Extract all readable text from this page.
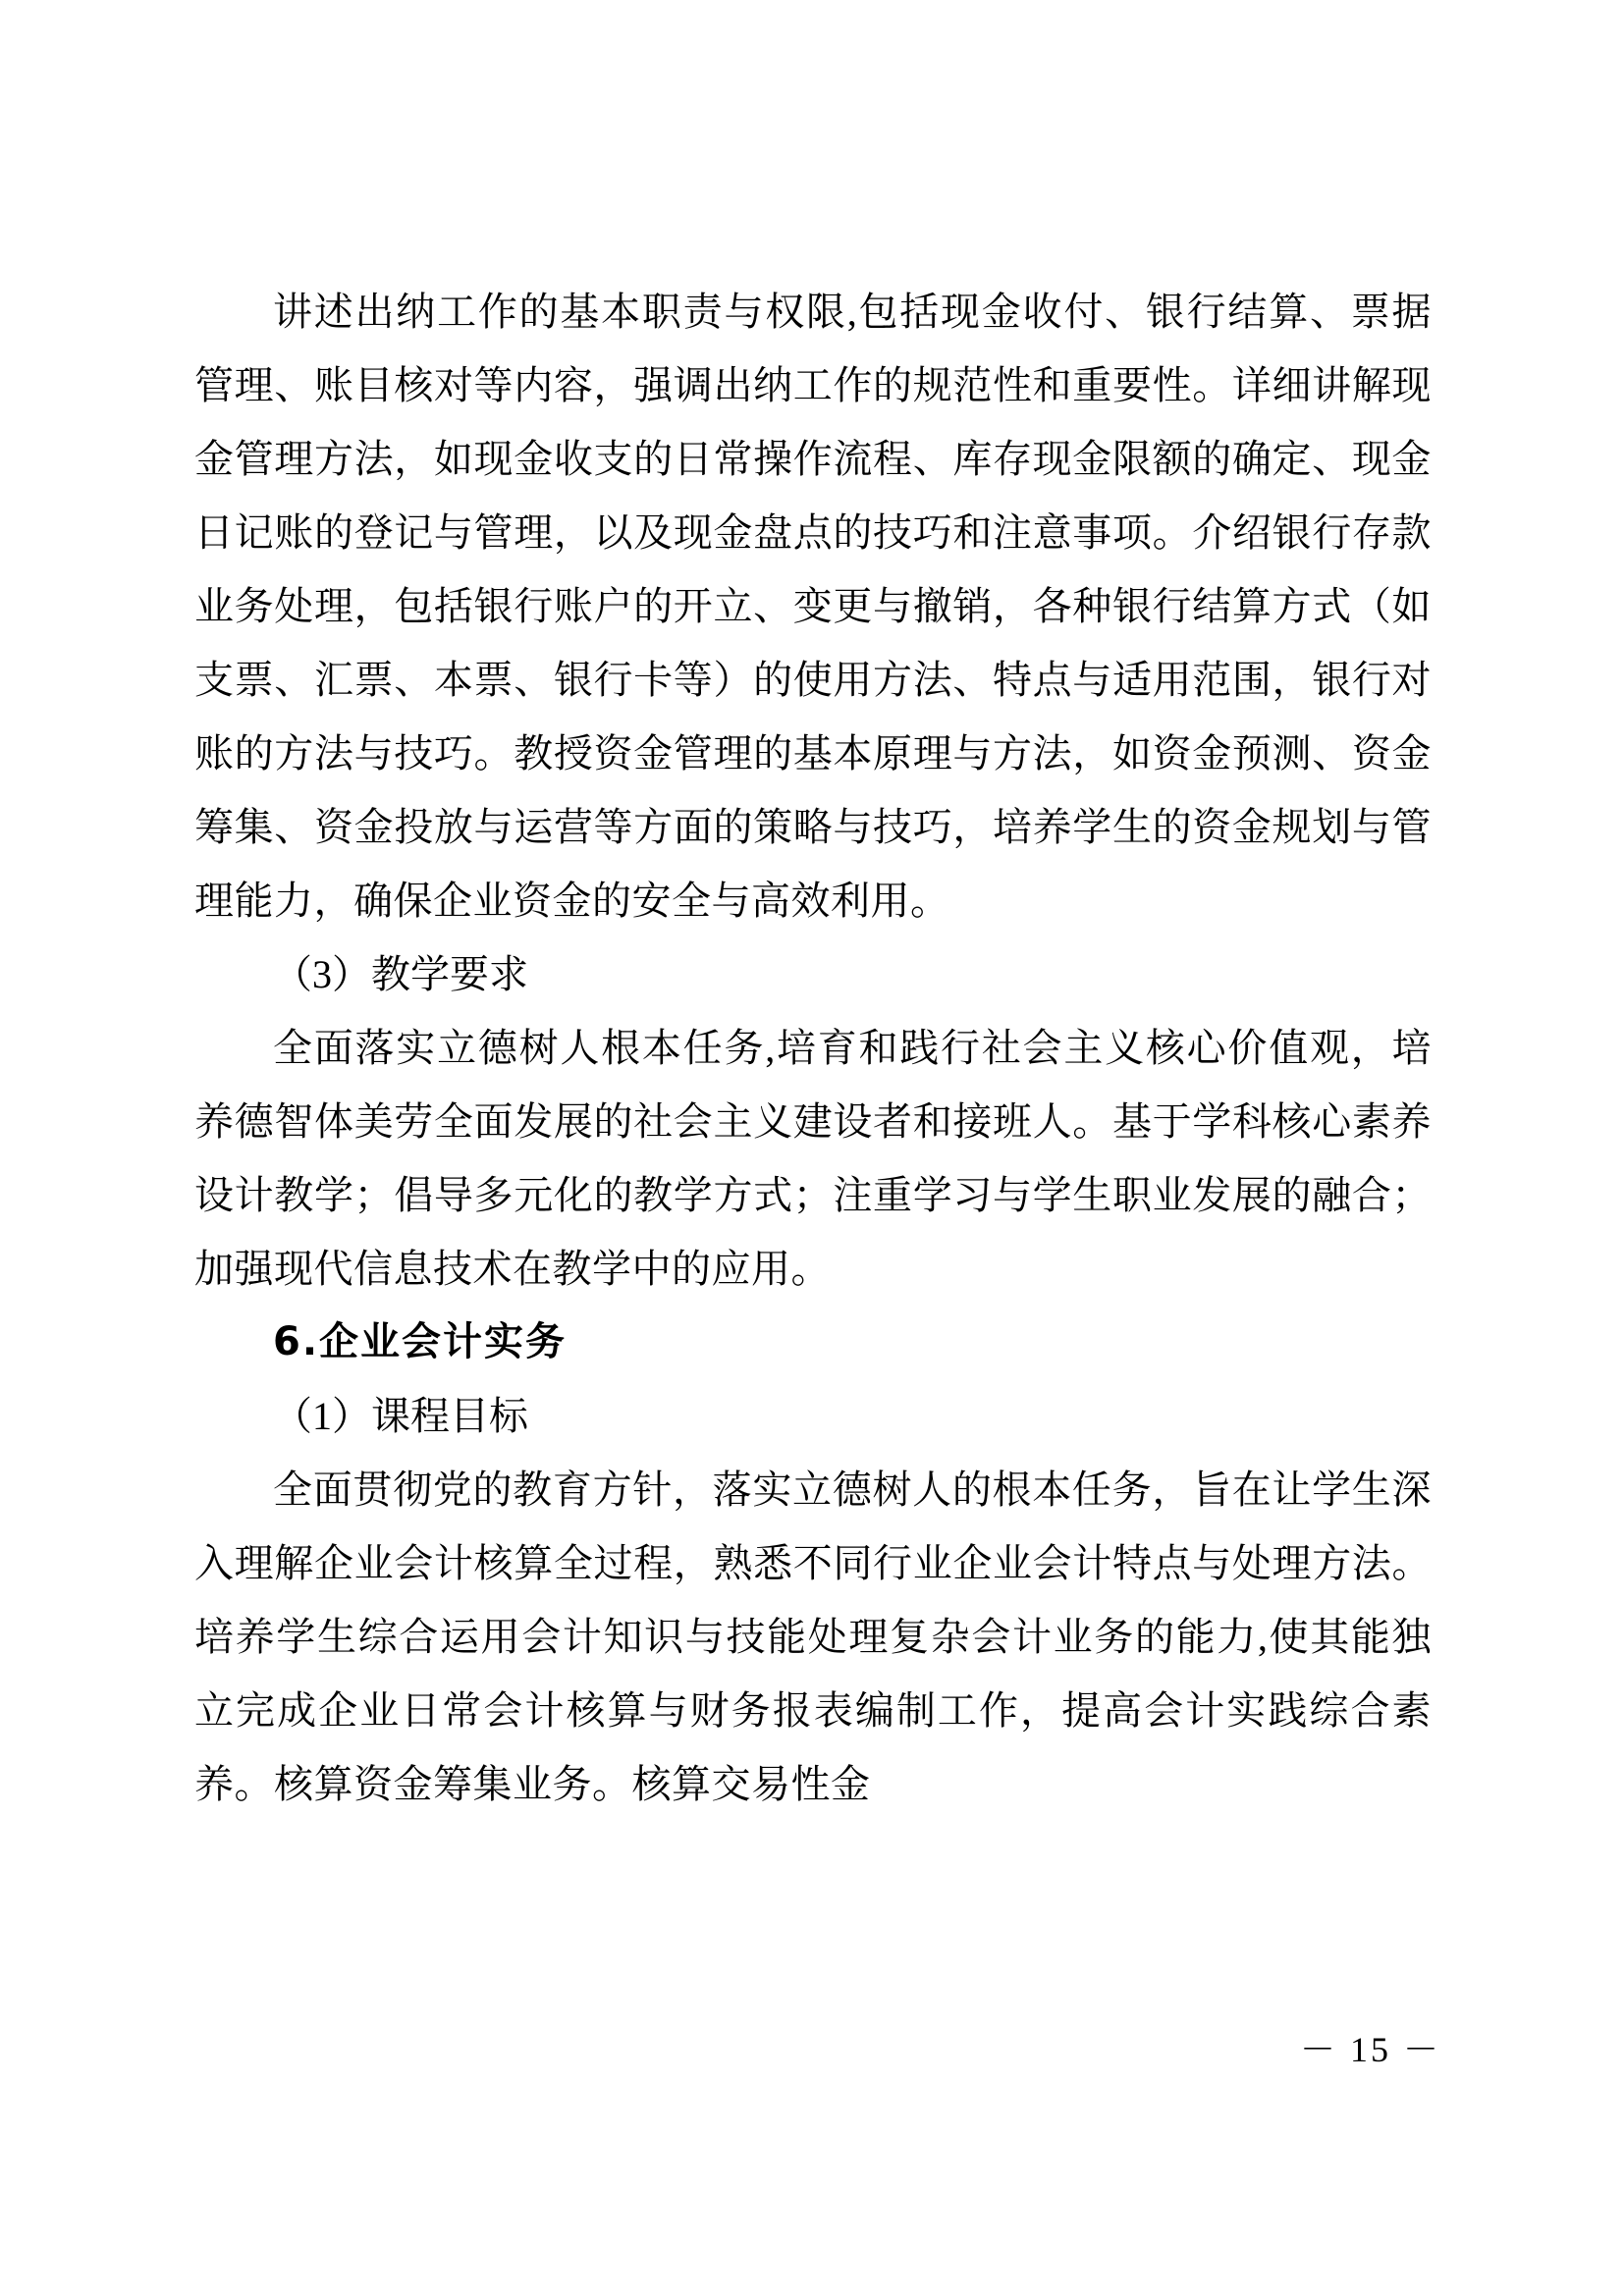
讲述出纳工作的基本职责与权限,包括现金收付、银行结算、票据管理、账目核对等内容，强调出纳工作的规范性和重要性。详细讲解现金管理方法，如现金收支的日常操作流程、库存现金限额的确定、现金日记账的登记与管理，以及现金盘点的技巧和注意事项。介绍银行存款业务处理，包括银行账户的开立、变更与撤销，各种银行结算方式（如支票、汇票、本票、银行卡等）的使用方法、特点与适用范围，银行对账的方法与技巧。教授资金管理的基本原理与方法，如资金预测、资金筹集、资金投放与运营等方面的策略与技巧，培养学生的资金规划与管理能力，确保企业资金的安全与高效利用。

（3）教学要求

全面落实立德树人根本任务,培育和践行社会主义核心价值观，培养德智体美劳全面发展的社会主义建设者和接班人。基于学科核心素养设计教学；倡导多元化的教学方式；注重学习与学生职业发展的融合；加强现代信息技术在教学中的应用。

6.企业会计实务

（1）课程目标

全面贯彻党的教育方针，落实立德树人的根本任务，旨在让学生深入理解企业会计核算全过程，熟悉不同行业企业会计特点与处理方法。培养学生综合运用会计知识与技能处理复杂会计业务的能力,使其能独立完成企业日常会计核算与财务报表编制工作，提高会计实践综合素养。核算资金筹集业务。核算交易性金

－ 15 －
